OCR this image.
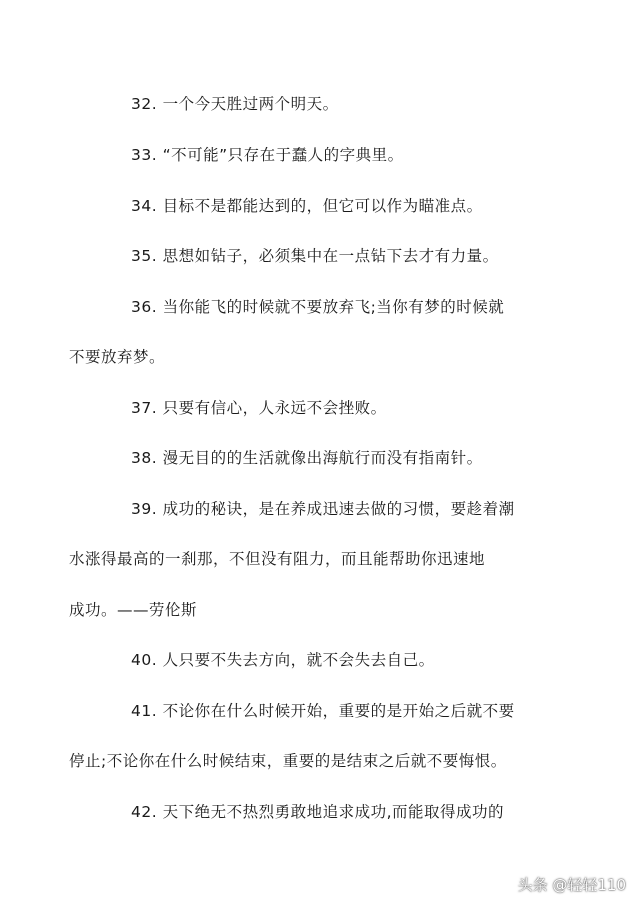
32. 一个今天胜过两个明天。
33. “不可能”只存在于蠢人的字典里。
34. 目标不是都能达到的，但它可以作为瞄准点。
35. 思想如钻子，必须集中在一点钻下去才有力量。
36. 当你能飞的时候就不要放弃飞;当你有梦的时候就
不要放弃梦。
37. 只要有信心，人永远不会挫败。
38. 漫无目的的生活就像出海航行而没有指南针。
39. 成功的秘诀，是在养成迅速去做的习惯，要趁着潮
水涨得最高的一刹那，不但没有阻力，而且能帮助你迅速地
成功。——劳伦斯
40. 人只要不失去方向，就不会失去自己。
41. 不论你在什么时候开始，重要的是开始之后就不要
停止;不论你在什么时候结束，重要的是结束之后就不要悔恨。
42. 天下绝无不热烈勇敢地追求成功,而能取得成功的
头条 @轻轻110
